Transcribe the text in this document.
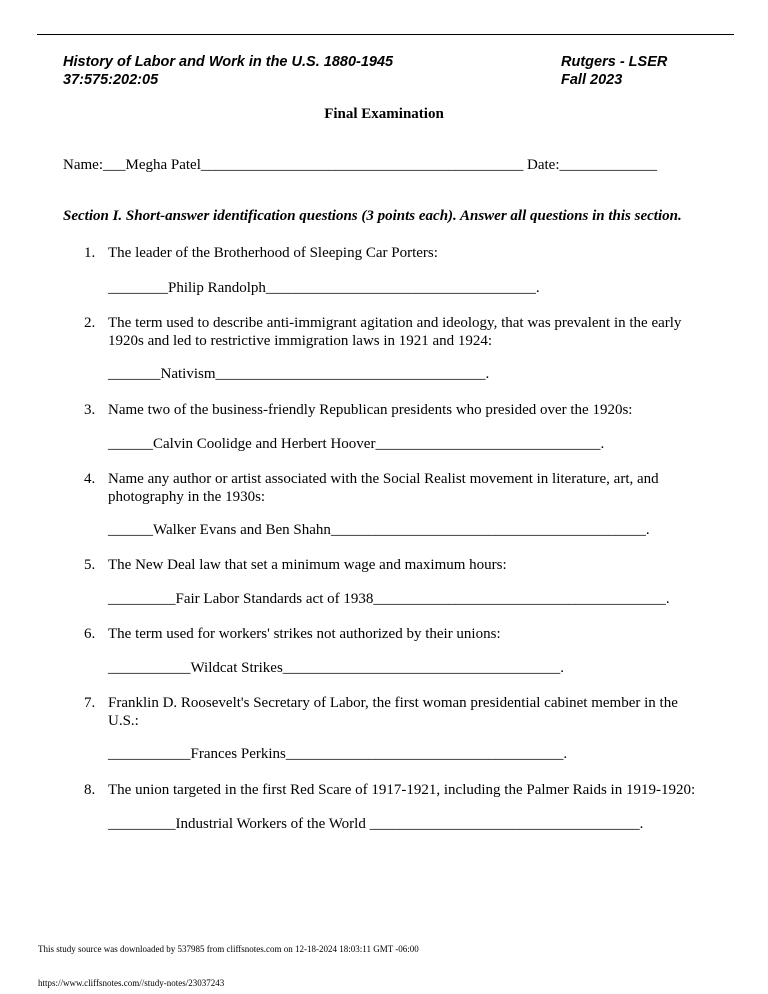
History of Labor and Work in the U.S. 1880-1945
37:575:202:05
Rutgers - LSER
Fall 2023
Final Examination
Name:___Megha Patel___________________________________________ Date:_____________
Section I. Short-answer identification questions (3 points each). Answer all questions in this section.
1. The leader of the Brotherhood of Sleeping Car Porters:
________Philip Randolph____________________________________.
2. The term used to describe anti-immigrant agitation and ideology, that was prevalent in the early 1920s and led to restrictive immigration laws in 1921 and 1924:
_______Nativism____________________________________.
3. Name two of the business-friendly Republican presidents who presided over the 1920s:
______Calvin Coolidge and Herbert Hoover______________________________.
4. Name any author or artist associated with the Social Realist movement in literature, art, and photography in the 1930s:
______Walker Evans and Ben Shahn__________________________________________.
5. The New Deal law that set a minimum wage and maximum hours:
_________Fair Labor Standards act of 1938_______________________________________.
6. The term used for workers' strikes not authorized by their unions:
___________Wildcat Strikes_____________________________________.
7. Franklin D. Roosevelt's Secretary of Labor, the first woman presidential cabinet member in the U.S.:
___________Frances Perkins_____________________________________.
8. The union targeted in the first Red Scare of 1917-1921, including the Palmer Raids in 1919-1920:
_________Industrial Workers of the World ____________________________________.
This study source was downloaded by 537985 from cliffsnotes.com on 12-18-2024 18:03:11 GMT -06:00
https://www.cliffsnotes.com//study-notes/23037243
